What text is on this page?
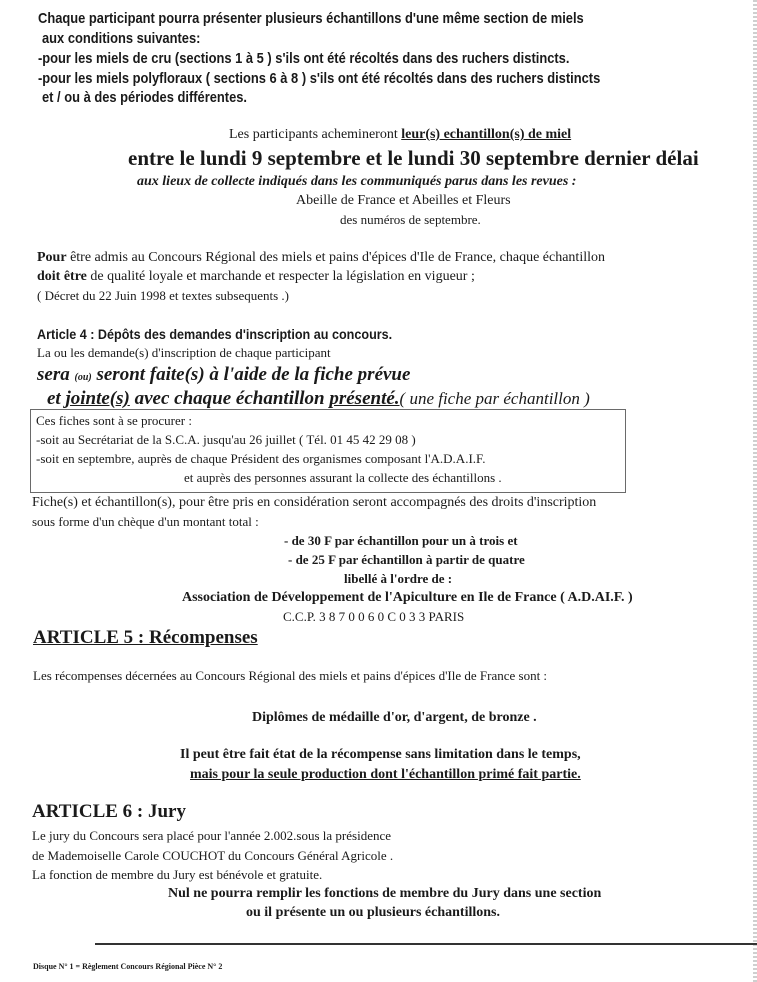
Chaque participant pourra présenter plusieurs échantillons d'une même section de miels
aux conditions suivantes:
-pour les miels de cru (sections 1 à 5 ) s'ils ont été récoltés dans des ruchers distincts.
-pour les miels polyfloraux ( sections 6 à 8 ) s'ils ont été récoltés dans des ruchers distincts
et / ou à des périodes différentes.
Les participants achemineront leur(s) echantillon(s) de miel
entre le lundi 9 septembre et le lundi 30 septembre dernier délai
aux lieux de collecte indiqués dans les communiqués parus dans les revues :
Abeille de France et Abeilles et Fleurs
des numéros de septembre.
Pour être admis au Concours Régional des miels et pains d'épices d'Ile de France, chaque échantillon
doit être de qualité loyale et marchande et respecter la législation en vigueur ;
( Décret du 22 Juin 1998 et textes subsequents .)
Article 4 : Dépôts des demandes d'inscription au concours.
La ou les demande(s) d'inscription de chaque participant
sera (ou) seront faite(s) à l'aide de la fiche prévue
et jointe(s) avec chaque échantillon présenté.( une fiche par échantillon )
Ces fiches sont à se procurer :
-soit au Secrétariat de la S.C.A. jusqu'au 26 juillet ( Tél. 01 45 42 29 08 )
-soit en septembre, auprès de chaque Président des organismes composant l'A.D.A.I.F.
et auprès des personnes assurant la collecte des échantillons .
Fiche(s) et échantillon(s), pour être pris en considération seront accompagnés des droits d'inscription
sous forme d'un chèque d'un montant total :
- de 30 F par échantillon pour un à trois et
- de 25 F par échantillon à partir de quatre
libellé à l'ordre de :
Association de Développement de l'Apiculture en Ile de France ( A.D.AI.F. )
C.C.P. 3 8 7 0 0 6 0 C 0 3 3 PARIS
ARTICLE 5 : Récompenses
Les récompenses décernées au Concours Régional des miels et pains d'épices d'Ile de France sont :
Diplômes de médaille d'or, d'argent, de bronze .
Il peut être fait état de la récompense sans limitation dans le temps,
mais pour la seule production dont l'échantillon primé fait partie.
ARTICLE 6 : Jury
Le jury du Concours sera placé pour l'année 2.002.sous la présidence
de Mademoiselle Carole COUCHOT du Concours Général Agricole .
La fonction de membre du Jury est bénévole et gratuite.
Nul ne pourra remplir les fonctions de membre du Jury dans une section
ou il présente un ou plusieurs échantillons.
Disque N° 1 = Règlement Concours Régional Pièce N° 2
